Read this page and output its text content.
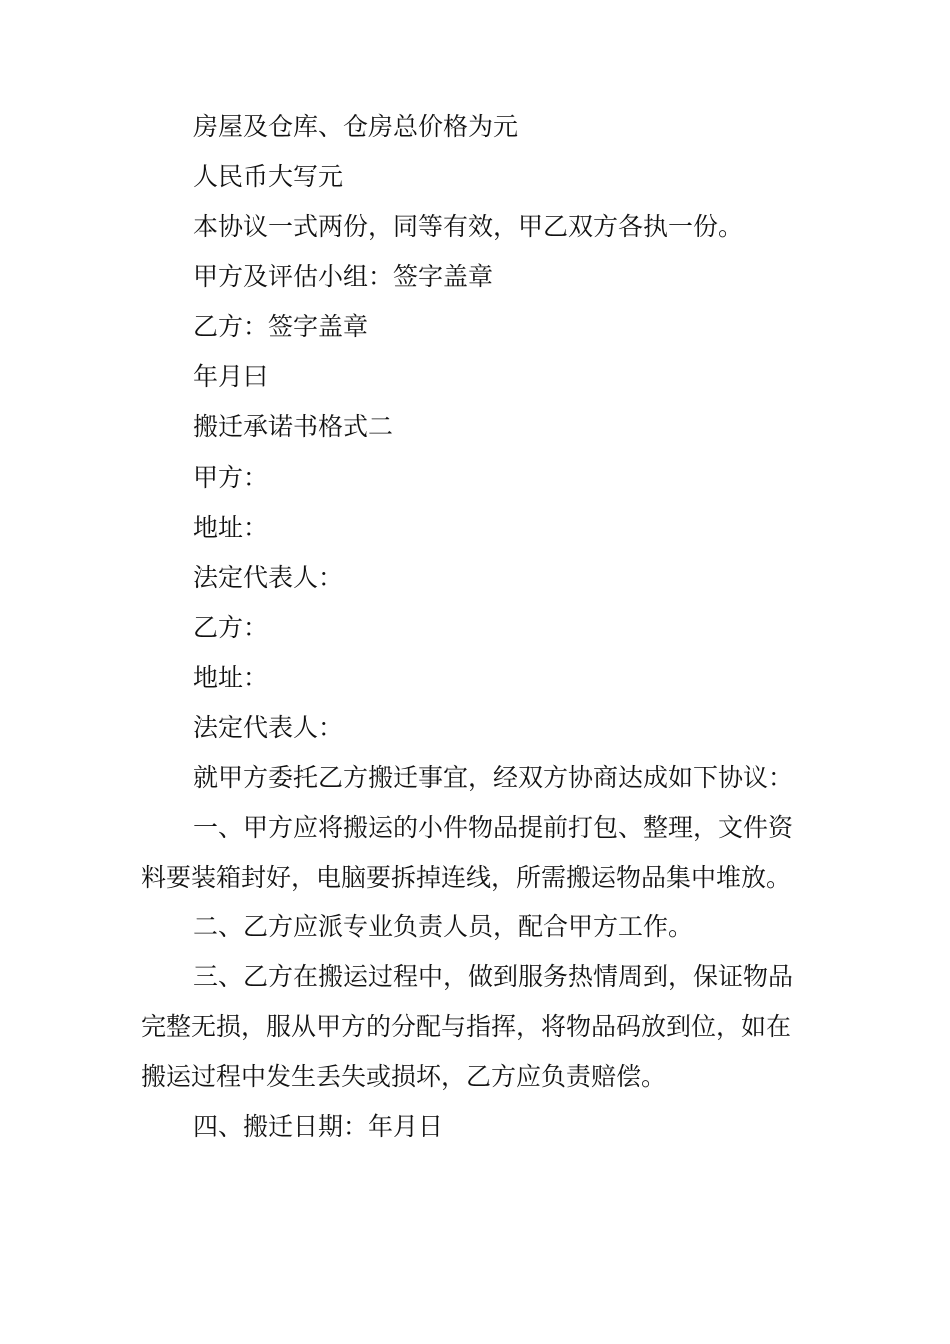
房屋及仓库、仓房总价格为元
人民币大写元
本协议一式两份，同等有效，甲乙双方各执一份。
甲方及评估小组：签字盖章
乙方：签字盖章
年月曰
搬迁承诺书格式二
甲方：
地址：
法定代表人：
乙方：
地址：
法定代表人：
就甲方委托乙方搬迁事宜，经双方协商达成如下协议：
一、甲方应将搬运的小件物品提前打包、整理，文件资
料要装箱封好，电脑要拆掉连线，所需搬运物品集中堆放。
二、乙方应派专业负责人员，配合甲方工作。
三、乙方在搬运过程中，做到服务热情周到，保证物品
完整无损，服从甲方的分配与指挥，将物品码放到位，如在
搬运过程中发生丢失或损坏，乙方应负责赔偿。
四、搬迁日期：年月日
